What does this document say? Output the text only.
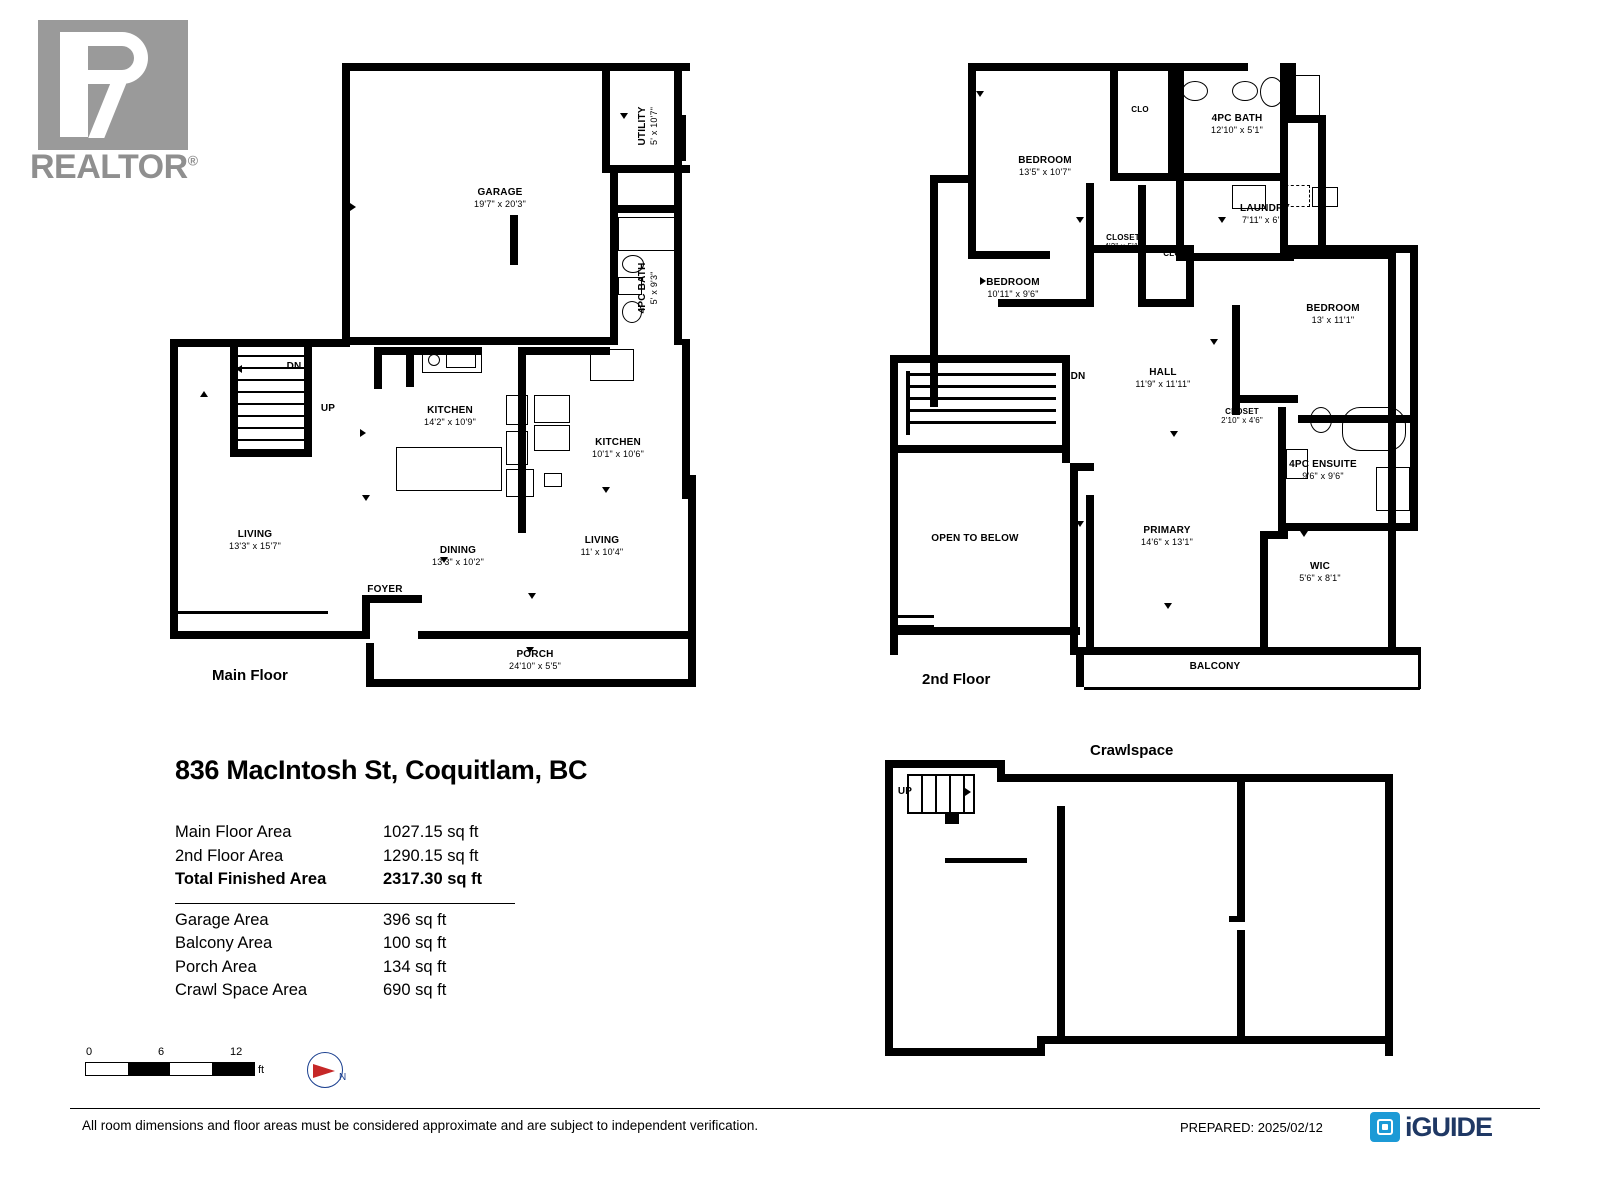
REALTOR®
GARAGE
19'7" x 20'3"
UTILITY 5' x 10'7"
4PC BATH 5' x 9'3"
KITCHEN
14'2" x 10'9"
KITCHEN
10'1" x 10'6"
LIVING
13'3" x 15'7"	LIVING
11' x 10'4"
DINING
13'3" x 10'2"
FOYER
PORCH
24'10" x 5'5"
DN
UP
Main Floor
BEDROOM
13'5" x 10'7"
4PC BATH
12'10" x 5'1"
LAUNDRY
7'11" x 6'7"
BEDROOM
10'11" x 9'6"
CLOSET
4'2" x 5'1"
BEDROOM
13' x 11'1"
HALL
11'9" x 11'11"
CLOSET
2'10" x 4'6"
4PC ENSUITE
9'6" x 9'6"
PRIMARY
14'6" x 13'1"
WIC
5'6" x 8'1"
OPEN TO BELOW
BALCONY
CLO
CLO
DN
2nd Floor
Crawlspace
UP
836 MacIntosh St, Coquitlam, BC
Main Floor Area	1027.15 sq ft
2nd Floor Area	1290.15 sq ft
Total Finished Area	2317.30 sq ft
Garage Area	396 sq ft
Balcony Area	100 sq ft
Porch Area	134 sq ft
Crawl Space Area	690 sq ft
0	6	12
ft
N
All room dimensions and floor areas must be considered approximate and are subject to independent verification.	PREPARED: 2025/02/12	iGUIDE
